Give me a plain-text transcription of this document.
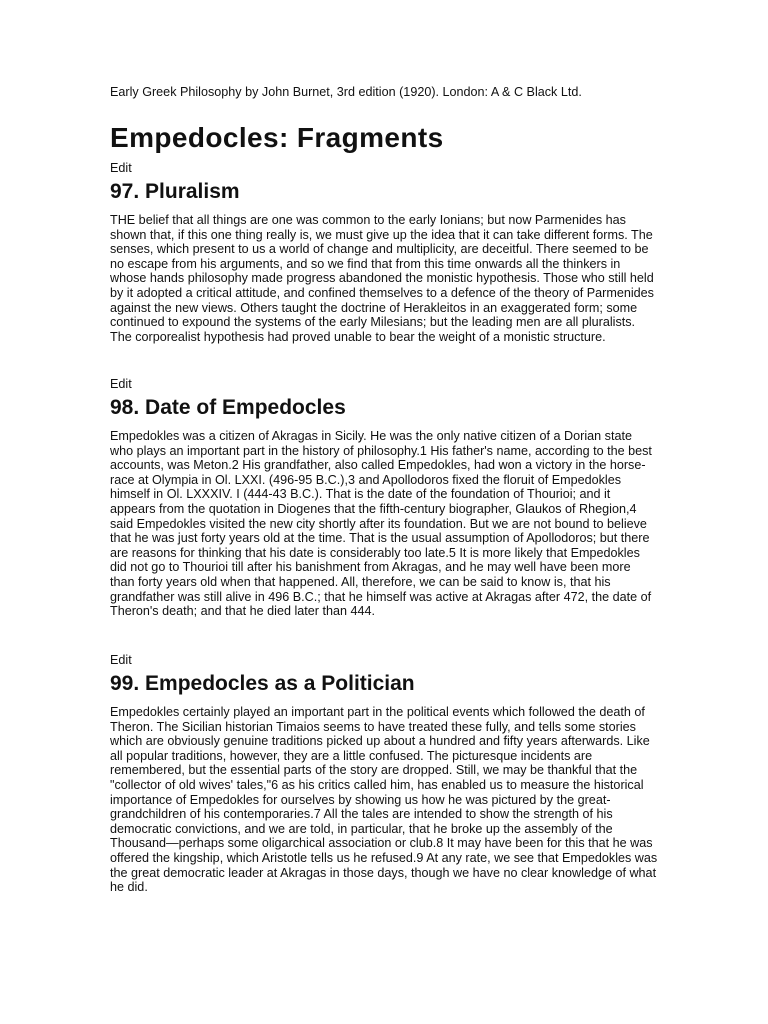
Early Greek Philosophy by John Burnet, 3rd edition (1920). London: A & C Black Ltd.
Empedocles: Fragments
Edit
97. Pluralism

THE belief that all things are one was common to the early Ionians; but now Parmenides has shown that, if this one thing really is, we must give up the idea that it can take different forms. The senses, which present to us a world of change and multiplicity, are deceitful. There seemed to be no escape from his arguments, and so we find that from this time onwards all the thinkers in whose hands philosophy made progress abandoned the monistic hypothesis. Those who still held by it adopted a critical attitude, and confined themselves to a defence of the theory of Parmenides against the new views. Others taught the doctrine of Herakleitos in an exaggerated form; some continued to expound the systems of the early Milesians; but the leading men are all pluralists. The corporealist hypothesis had proved unable to bear the weight of a monistic structure.

Edit
98. Date of Empedocles

Empedokles was a citizen of Akragas in Sicily. He was the only native citizen of a Dorian state who plays an important part in the history of philosophy.1 His father's name, according to the best accounts, was Meton.2 His grandfather, also called Empedokles, had won a victory in the horse-race at Olympia in Ol. LXXI. (496-95 B.C.),3 and Apollodoros fixed the floruit of Empedokles himself in Ol. LXXXIV. I (444-43 B.C.). That is the date of the foundation of Thourioi; and it appears from the quotation in Diogenes that the fifth-century biographer, Glaukos of Rhegion,4 said Empedokles visited the new city shortly after its foundation. But we are not bound to believe that he was just forty years old at the time. That is the usual assumption of Apollodoros; but there are reasons for thinking that his date is considerably too late.5 It is more likely that Empedokles did not go to Thourioi till after his banishment from Akragas, and he may well have been more than forty years old when that happened. All, therefore, we can be said to know is, that his grandfather was still alive in 496 B.C.; that he himself was active at Akragas after 472, the date of Theron's death; and that he died later than 444.

Edit
99. Empedocles as a Politician

Empedokles certainly played an important part in the political events which followed the death of Theron. The Sicilian historian Timaios seems to have treated these fully, and tells some stories which are obviously genuine traditions picked up about a hundred and fifty years afterwards. Like all popular traditions, however, they are a little confused. The picturesque incidents are remembered, but the essential parts of the story are dropped. Still, we may be thankful that the "collector of old wives' tales,"6 as his critics called him, has enabled us to measure the historical importance of Empedokles for ourselves by showing us how he was pictured by the great-grandchildren of his contemporaries.7 All the tales are intended to show the strength of his democratic convictions, and we are told, in particular, that he broke up the assembly of the Thousand—perhaps some oligarchical association or club.8 It may have been for this that he was offered the kingship, which Aristotle tells us he refused.9 At any rate, we see that Empedokles was the great democratic leader at Akragas in those days, though we have no clear knowledge of what he did.
